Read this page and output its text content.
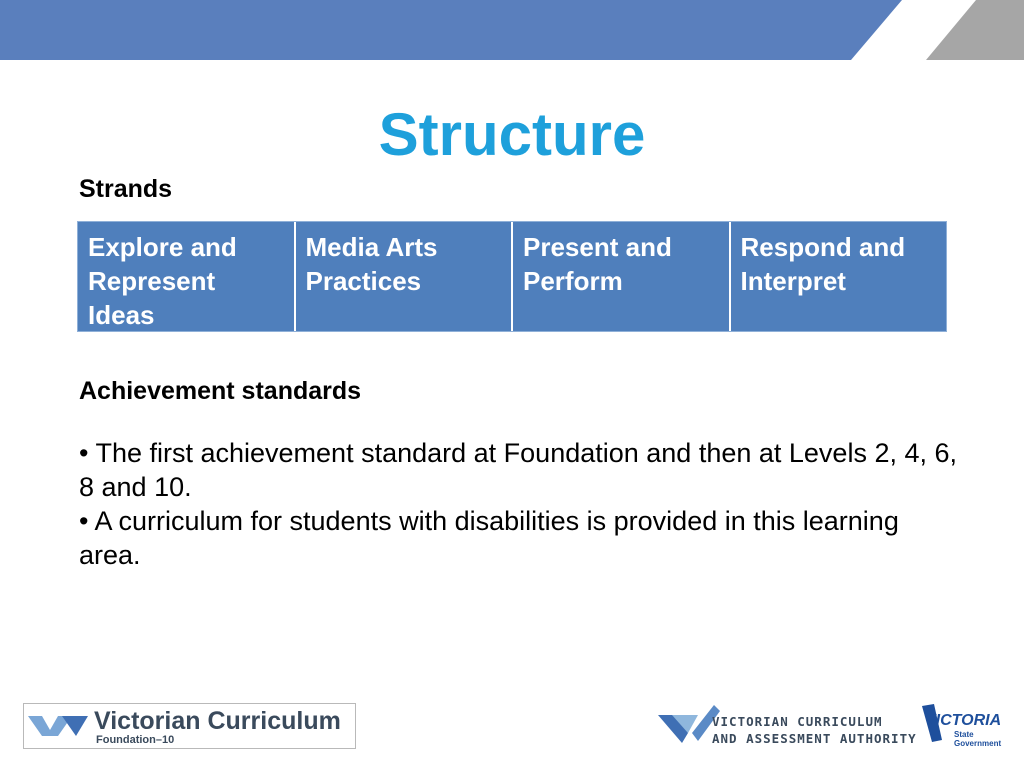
Structure
Strands
Explore and
Represent
Ideas
Media Arts
Practices
Present and
Perform
Respond and
Interpret
Achievement standards

• The first achievement standard at Foundation and then at Levels 2, 4, 6, 8 and 10.

• A curriculum for students with disabilities is provided in this learning area.

Victorian Curriculum
Foundation–10
VICTORIAN CURRICULUM
AND ASSESSMENT AUTHORITY
VICTORIA
State
Government
